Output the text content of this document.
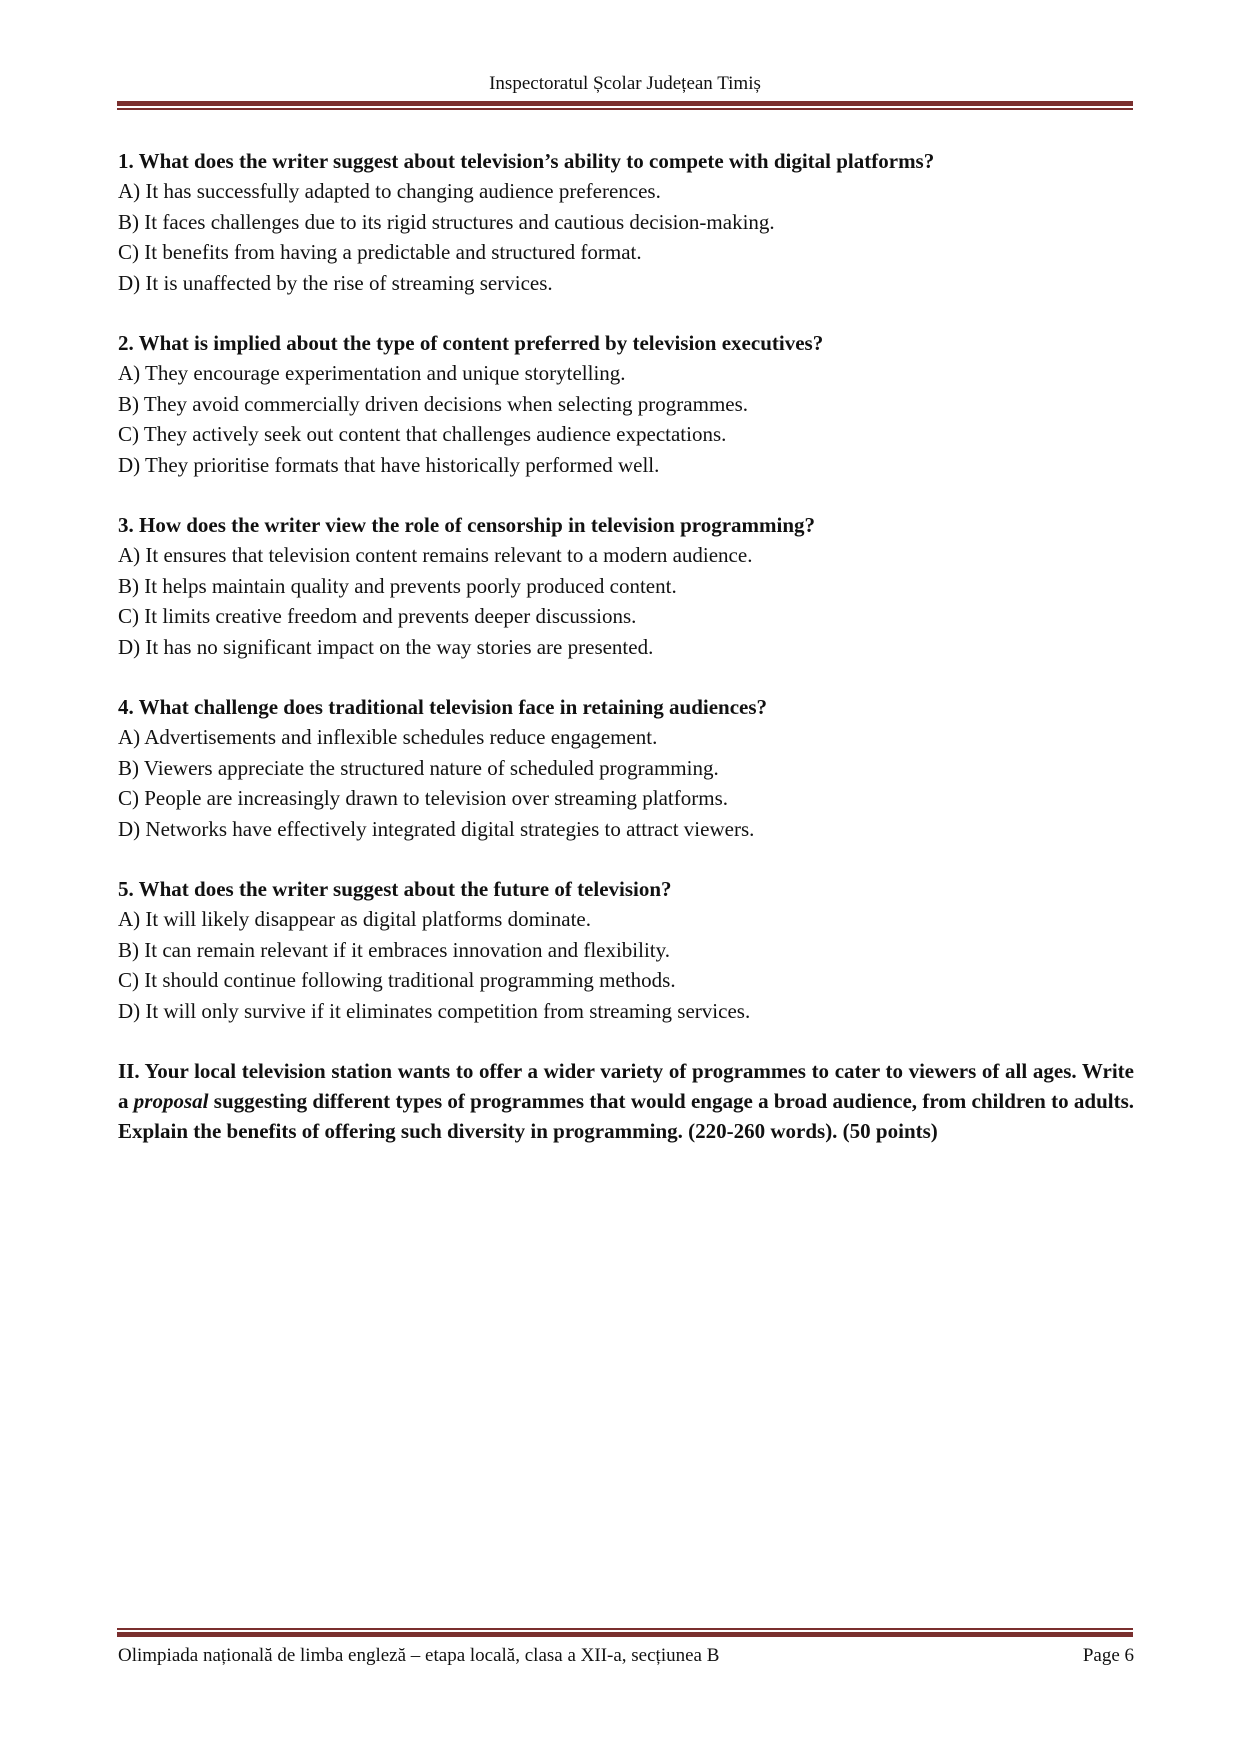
Inspectoratul Școlar Județean Timiș

1. What does the writer suggest about television’s ability to compete with digital platforms?

A) It has successfully adapted to changing audience preferences.

B) It faces challenges due to its rigid structures and cautious decision-making.

C) It benefits from having a predictable and structured format.

D) It is unaffected by the rise of streaming services.

2. What is implied about the type of content preferred by television executives?

A) They encourage experimentation and unique storytelling.

B) They avoid commercially driven decisions when selecting programmes.

C) They actively seek out content that challenges audience expectations.

D) They prioritise formats that have historically performed well.

3. How does the writer view the role of censorship in television programming?

A) It ensures that television content remains relevant to a modern audience.

B) It helps maintain quality and prevents poorly produced content.

C) It limits creative freedom and prevents deeper discussions.

D) It has no significant impact on the way stories are presented.

4. What challenge does traditional television face in retaining audiences?

A) Advertisements and inflexible schedules reduce engagement.

B) Viewers appreciate the structured nature of scheduled programming.

C) People are increasingly drawn to television over streaming platforms.

D) Networks have effectively integrated digital strategies to attract viewers.

5. What does the writer suggest about the future of television?

A) It will likely disappear as digital platforms dominate.

B) It can remain relevant if it embraces innovation and flexibility.

C) It should continue following traditional programming methods.

D) It will only survive if it eliminates competition from streaming services.

II. Your local television station wants to offer a wider variety of programmes to cater to viewers of all ages. Write a proposal suggesting different types of programmes that would engage a broad audience, from children to adults. Explain the benefits of offering such diversity in programming. (220-260 words). (50 points)

Olimpiada națională de limba engleză – etapa locală, clasa a XII-a, secțiunea B	Page 6
